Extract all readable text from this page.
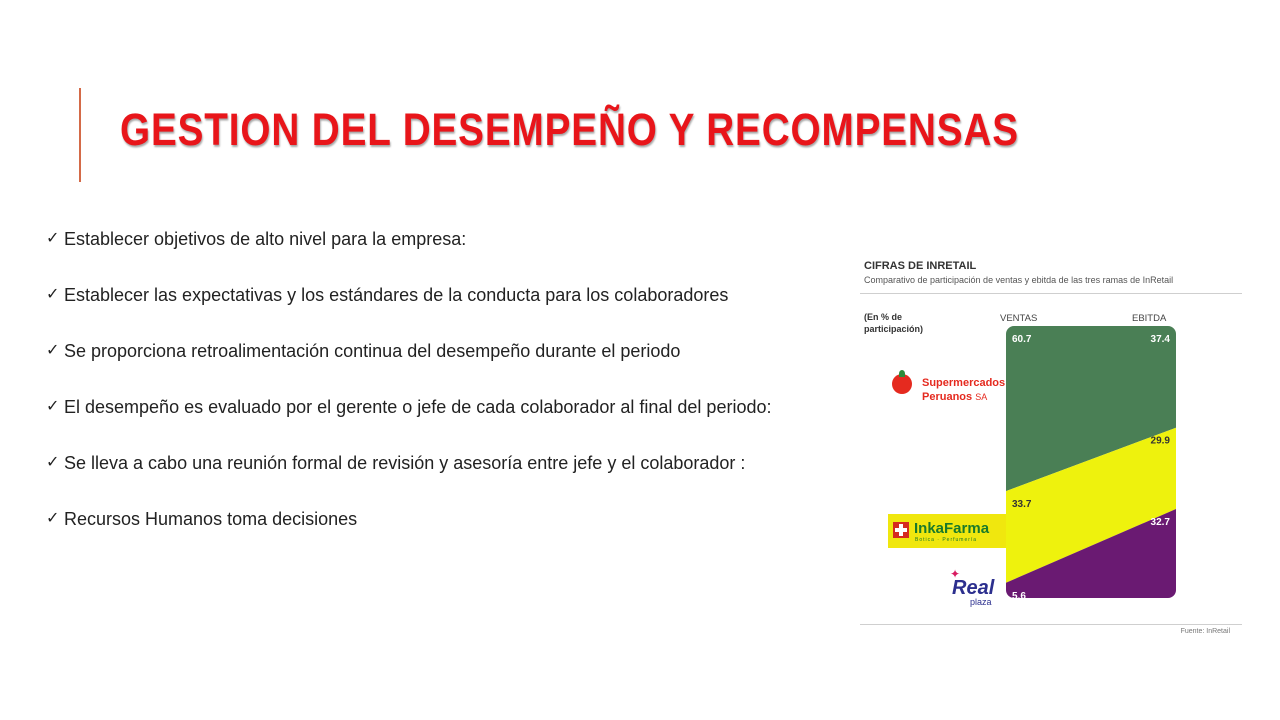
GESTION DEL DESEMPEÑO Y RECOMPENSAS
✓ Establecer objetivos de alto nivel para la empresa:
✓ Establecer las expectativas y los estándares de la conducta para los colaboradores
✓ Se proporciona retroalimentación continua del desempeño durante el periodo
✓ El desempeño es evaluado por el gerente o jefe de cada colaborador al final del periodo:
✓ Se lleva a cabo una reunión formal de revisión y asesoría entre jefe y el colaborador :
✓ Recursos Humanos toma decisiones
CIFRAS DE INRETAIL
Comparativo de participación de ventas y ebitda de las tres ramas de InRetail
(En % de
participación)
VENTAS	EBITDA
Supermercados
Peruanos SA
InkaFarma
Botica · Perfumería
✦
Real
plaza
60.7	37.4
33.7
29.9
5.6
32.7
Fuente: InRetail
